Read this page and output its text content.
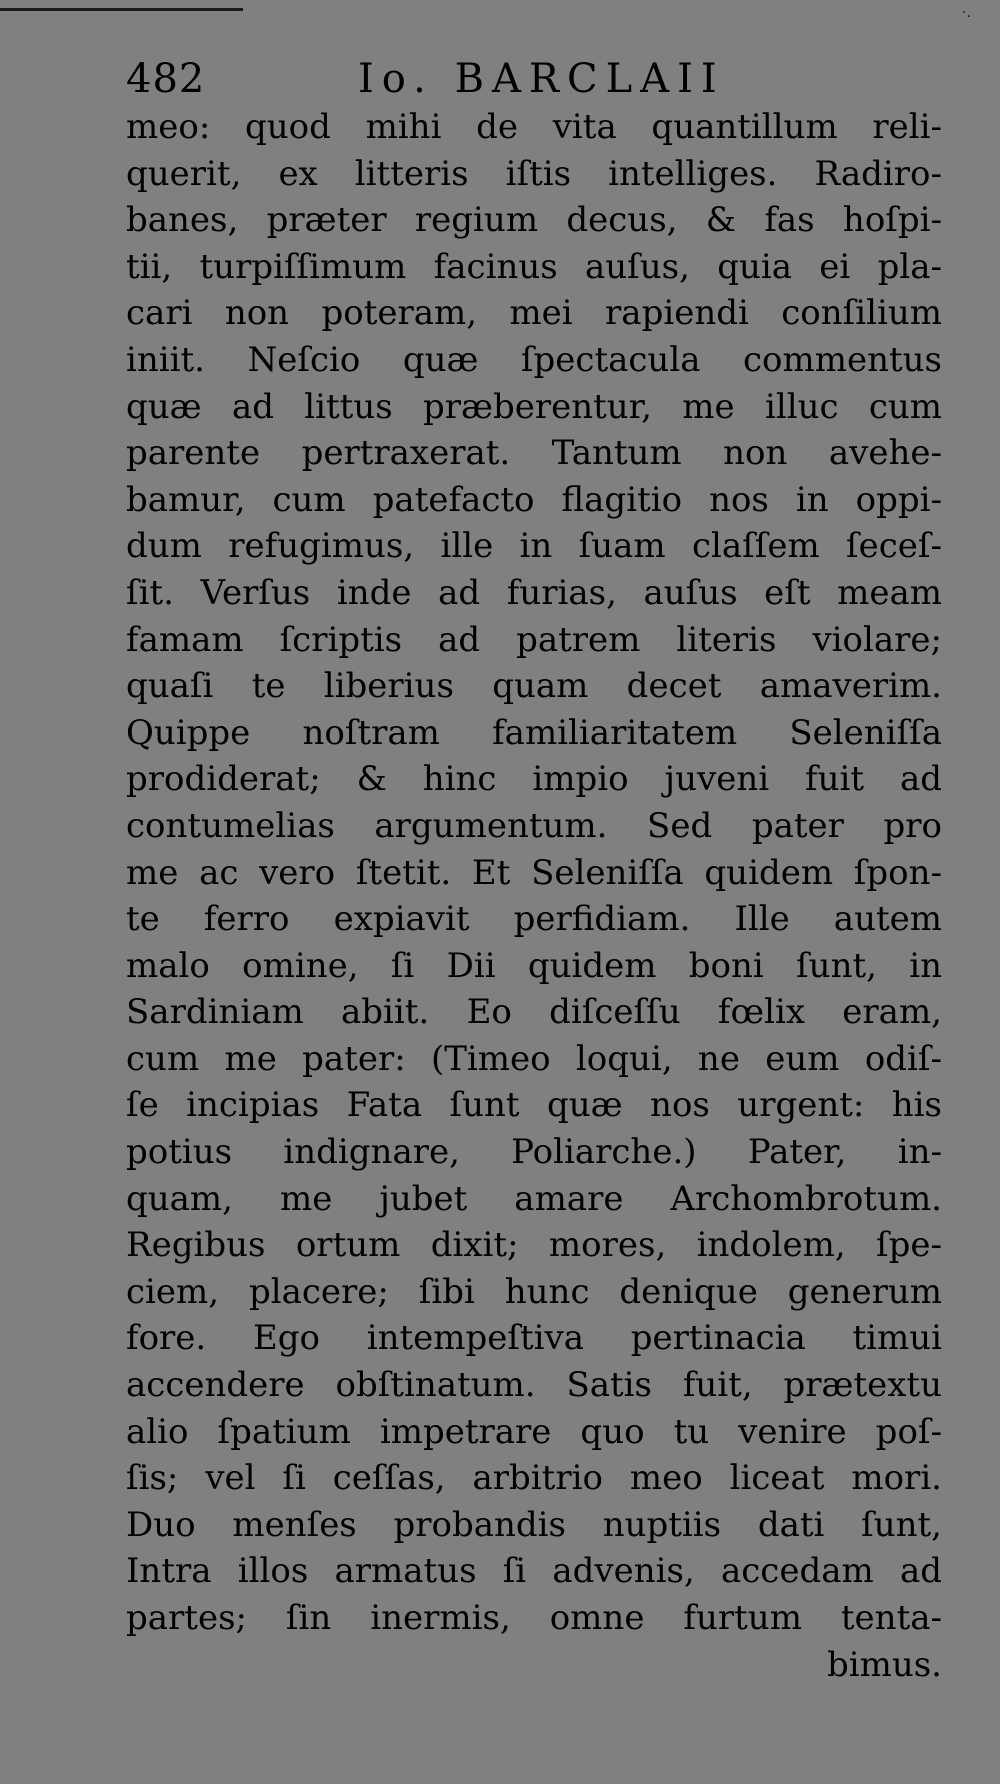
·.
482	Io. BARCLAII
meo: quod mihi de vita quantillum reli-
querit, ex litteris iſtis intelliges. Radiro-
banes, præter regium decus, & fas hoſpi-
tii, turpiſſimum facinus auſus, quia ei pla-
cari non poteram, mei rapiendi conſilium
iniit. Neſcio quæ ſpectacula commentus
quæ ad littus præberentur, me illuc cum
parente pertraxerat. Tantum non avehe-
bamur, cum patefacto flagitio nos in oppi-
dum refugimus, ille in ſuam claſſem ſeceſ-
ſit. Verſus inde ad furias, auſus eſt meam
famam ſcriptis ad patrem literis violare;
quaſi te liberius quam decet amaverim.
Quippe noſtram familiaritatem Seleniſſa
prodiderat; & hinc impio juveni fuit ad
contumelias argumentum. Sed pater pro
me ac vero ſtetit. Et Seleniſſa quidem ſpon-
te ferro expiavit perfidiam. Ille autem
malo omine, ſi Dii quidem boni ſunt, in
Sardiniam abiit. Eo diſceſſu fœlix eram,
cum me pater: (Timeo loqui, ne eum odiſ-
ſe incipias Fata ſunt quæ nos urgent: his
potius indignare, Poliarche.) Pater, in-
quam, me jubet amare Archombrotum.
Regibus ortum dixit; mores, indolem, ſpe-
ciem, placere; ſibi hunc denique generum
fore. Ego intempeſtiva pertinacia timui
accendere obſtinatum. Satis fuit, prætextu
alio ſpatium impetrare quo tu venire poſ-
ſis; vel ſi ceſſas, arbitrio meo liceat mori.
Duo menſes probandis nuptiis dati ſunt,
Intra illos armatus ſi advenis, accedam ad
partes; ſin inermis, omne furtum tenta-
bimus.
